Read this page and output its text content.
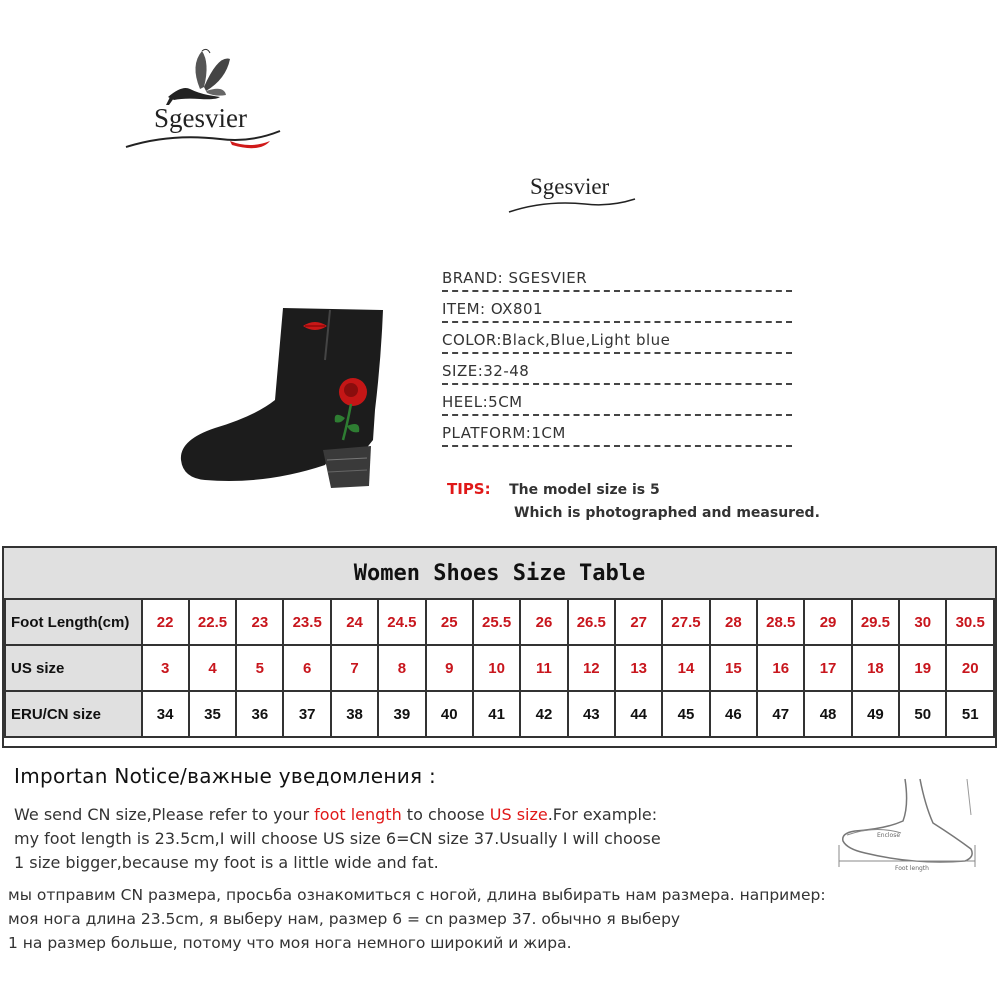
Sgesvier
Sgesvier
BRAND: SGESVIER
ITEM: OX801
COLOR:Black,Blue,Light blue
SIZE:32-48
HEEL:5CM
PLATFORM:1CM
TIPS: The model size is 5
Which is photographed and measured.
Women Shoes Size Table
Foot Length(cm)	22	22.5	23	23.5	24	24.5	25	25.5	26	26.5	27	27.5	28	28.5	29	29.5	30	30.5
US size	3	4	5	6	7	8	9	10	11	12	13	14	15	16	17	18	19	20
ERU/CN size	34	35	36	37	38	39	40	41	42	43	44	45	46	47	48	49	50	51
Importan Notice/важные уведомления :
We send CN size,Please refer to your foot length to choose US size.For example:
my foot length is 23.5cm,I will choose US size 6=CN size 37.Usually I will choose
1 size bigger,because my foot is a little wide and fat.
мы отправим CN размера, просьба ознакомиться с ногой, длина выбирать нам размера. например:
моя нога длина 23.5cm, я выберу нам, размер 6 = cn размер 37. обычно я выберу
1 на размер больше, потому что моя нога немного широкий и жира.
Enclose
Foot length
